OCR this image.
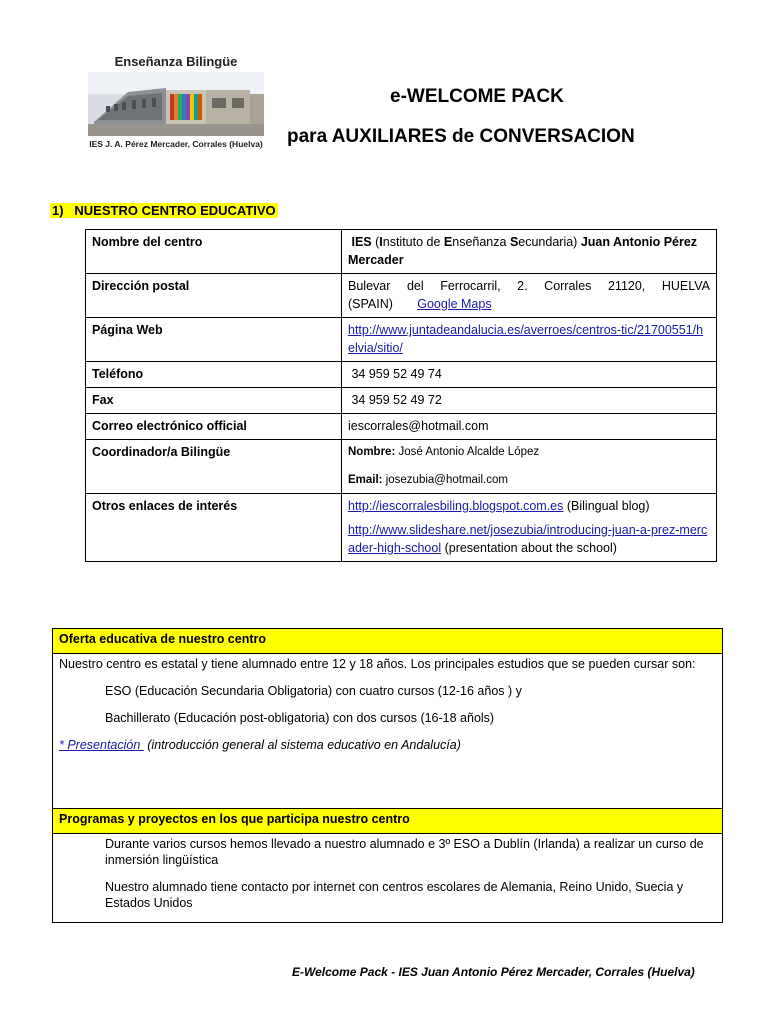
Enseñanza Bilingüe
IES J. A. Pérez Mercader, Corrales (Huelva)
e-WELCOME PACK
para AUXILIARES de CONVERSACION
1)   NUESTRO CENTRO EDUCATIVO
Nombre del centro	IES (Instituto de Enseñanza Secundaria) Juan Antonio Pérez Mercader
Dirección postal	Bulevar del Ferrocarril, 2. Corrales 21120, HUELVA (SPAIN) Google Maps
Página Web	http://www.juntadeandalucia.es/averroes/centros-tic/21700551/helvia/sitio/
Teléfono	34 959 52 49 74
Fax	34 959 52 49 72
Correo electrónico official	iescorrales@hotmail.com
Coordinador/a Bilingüe	Nombre: José Antonio Alcalde López
Email: josezubia@hotmail.com

Otros enlaces de interés	http://iescorralesbiling.blogspot.com.es (Bilingual blog)
http://www.slideshare.net/josezubia/introducing-juan-a-prez-mercader-high-school (presentation about the school)
Oferta educativa de nuestro centro

Nuestro centro es estatal y tiene alumnado entre 12 y 18 años. Los principales estudios que se pueden cursar son:
ESO (Educación Secundaria Obligatoria) con cuatro cursos (12-16 años ) y
Bachillerato (Educación post-obligatoria) con dos cursos (16-18 añols)
* Presentación  (introducción general al sistema educativo en Andalucía)

Programas y proyectos en los que participa nuestro centro

Durante varios cursos hemos llevado a nuestro alumnado e 3º ESO a Dublín (Irlanda) a realizar un curso de inmersión lingüística
Nuestro alumnado tiene contacto por internet con centros escolares de Alemania, Reino Unido, Suecia y Estados Unidos
E-Welcome Pack - IES Juan Antonio Pérez Mercader, Corrales (Huelva)
